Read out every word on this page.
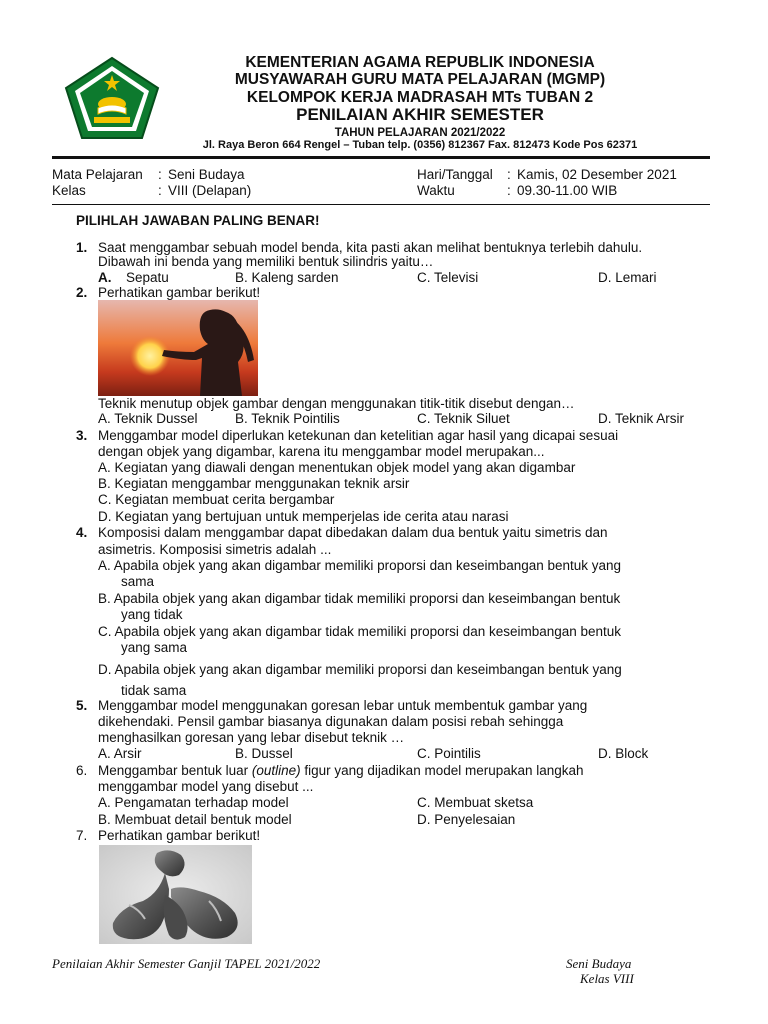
KEMENTERIAN AGAMA REPUBLIK INDONESIA
MUSYAWARAH GURU MATA PELAJARAN (MGMP)
KELOMPOK KERJA MADRASAH MTs TUBAN 2
PENILAIAN AKHIR SEMESTER
TAHUN PELAJARAN 2021/2022
Jl. Raya Beron 664 Rengel – Tuban telp. (0356) 812367 Fax. 812473 Kode Pos 62371
Mata Pelajaran : Seni Budaya
Kelas	: VIII (Delapan)
Hari/Tanggal : Kamis, 02 Desember 2021
Waktu	: 09.30-11.00 WIB
PILIHLAH JAWABAN PALING BENAR!
1. Saat menggambar sebuah model benda, kita pasti akan melihat bentuknya terlebih dahulu.
Dibawah ini benda yang memiliki bentuk silindris yaitu…
A. Sepatu	B. Kaleng sarden	C. Televisi	D. Lemari
2. Perhatikan gambar berikut!
Teknik menutup objek gambar dengan menggunakan titik-titik disebut dengan…
A. Teknik Dussel	B. Teknik Pointilis	C. Teknik Siluet	D. Teknik Arsir
3. Menggambar model diperlukan ketekunan dan ketelitian agar hasil yang dicapai sesuai
dengan objek yang digambar, karena itu menggambar model merupakan...
A. Kegiatan yang diawali dengan menentukan objek model yang akan digambar
B. Kegiatan menggambar menggunakan teknik arsir
C. Kegiatan membuat cerita bergambar
D. Kegiatan yang bertujuan untuk memperjelas ide cerita atau narasi
4. Komposisi dalam menggambar dapat dibedakan dalam dua bentuk yaitu simetris dan
asimetris. Komposisi simetris adalah ...
A. Apabila objek yang akan digambar memiliki proporsi dan keseimbangan bentuk yang
sama
B. Apabila objek yang akan digambar tidak memiliki proporsi dan keseimbangan bentuk
yang tidak
C. Apabila objek yang akan digambar tidak memiliki proporsi dan keseimbangan bentuk
yang sama
D. Apabila objek yang akan digambar memiliki proporsi dan keseimbangan bentuk yang
tidak sama
5. Menggambar model menggunakan goresan lebar untuk membentuk gambar yang
dikehendaki. Pensil gambar biasanya digunakan dalam posisi rebah sehingga
menghasilkan goresan yang lebar disebut teknik …
A. Arsir	B. Dussel	C. Pointilis	D. Block
6. Menggambar bentuk luar (outline) figur yang dijadikan model merupakan langkah
menggambar model yang disebut ...
A. Pengamatan terhadap model	C. Membuat sketsa
B. Membuat detail bentuk model	D. Penyelesaian
7. Perhatikan gambar berikut!
Penilaian Akhir Semester Ganjil TAPEL 2021/2022	Seni Budaya
Kelas VIII
